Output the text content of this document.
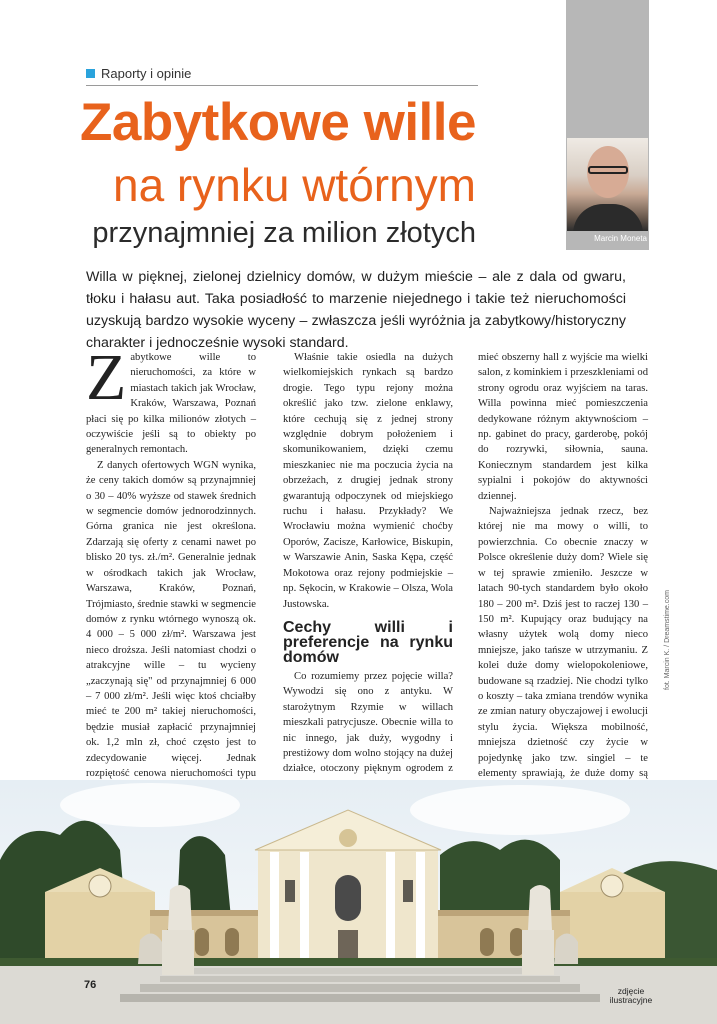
Raporty i opinie
Zabytkowe wille
na rynku wtórnym
przynajmniej za milion złotych	Marcin Moneta
Willa w pięknej, zielonej dzielnicy domów, w dużym mieście – ale z dala od gwaru, tłoku i hałasu aut. Taka posiadłość to marzenie niejednego i takie też nieruchomości uzyskują bardzo wysokie wyceny – zwłaszcza jeśli wyróżnia ja zabytkowy/historyczny charakter i jednocześnie wysoki standard.

Zabytkowe wille to nieruchomości, za które w miastach takich jak Wrocław, Kraków, Warszawa, Poznań płaci się po kilka milionów złotych – oczywiście jeśli są to obiekty po generalnych remontach.

Z danych ofertowych WGN wynika, że ceny takich domów są przynajmniej o 30 – 40% wyższe od stawek średnich w segmencie domów jednorodzinnych. Górna granica nie jest określona. Zdarzają się oferty z cenami nawet po blisko 20 tys. zł./m². Generalnie jednak w ośrodkach takich jak Wrocław, Warszawa, Kraków, Poznań, Trójmiasto, średnie stawki w segmencie domów z rynku wtórnego wynoszą ok. 4 000 – 5 000 zł/m². Warszawa jest nieco droższa. Jeśli natomiast chodzi o atrakcyjne wille – tu wycieny „zaczynają się" od przynajmniej 6 000 – 7 000 zł/m². Jeśli więc ktoś chciałby mieć te 200 m² takiej nieruchomości, będzie musiał zapłacić przynajmniej ok. 1,2 mln zł, choć często jest to zdecydowanie więcej. Jednak rozpiętość cenowa nieruchomości typu

Właśnie takie osiedla na dużych wielkomiejskich rynkach są bardzo drogie. Tego typu rejony można określić jako tzw. zielone enklawy, które cechują się z jednej strony względnie dobrym położeniem i skomunikowaniem, dzięki czemu mieszkaniec nie ma poczucia życia na obrzeżach, z drugiej jednak strony gwarantują odpoczynek od miejskiego ruchu i hałasu. Przykłady? We Wrocławiu można wymienić choćby Oporów, Zacisze, Karłowice, Biskupin, w Warszawie Anin, Saska Kępa, część Mokotowa oraz rejony podmiejskie – np. Sękocin, w Krakowie – Olsza, Wola Justowska.

Cechy willi i preferencje na rynku domów

Co rozumiemy przez pojęcie willa? Wywodzi się ono z antyku. W starożytnym Rzymie w willach mieszkali patrycjusze. Obecnie willa to nic innego, jak duży, wygodny i prestiżowy dom wolno stojący na dużej działce, otoczony pięknym ogrodem z

mieć obszerny hall z wyjście ma wielki salon, z kominkiem i przeszkleniami od strony ogrodu oraz wyjściem na taras. Willa powinna mieć pomieszczenia dedykowane różnym aktywnościom – np. gabinet do pracy, garderobę, pokój do rozrywki, siłownia, sauna. Koniecznym standardem jest kilka sypialni i pokojów do aktywności dziennej.

Najważniejsza jednak rzecz, bez której nie ma mowy o willi, to powierzchnia. Co obecnie znaczy w Polsce określenie duży dom? Wiele się w tej sprawie zmieniło. Jeszcze w latach 90-tych standardem było około 180 – 200 m². Dziś jest to raczej 130 – 150 m². Kupujący oraz budujący na własny użytek wolą domy nieco mniejsze, jako tańsze w utrzymaniu. Z kolei duże domy wielopokoleniowe, budowane są rzadziej. Nie chodzi tylko o koszty – taka zmiana trendów wynika ze zmian natury obyczajowej i ewolucji stylu życia. Większa mobilność, mniejsza dzietność czy życie w pojedynkę jako tzw. singiel – te elementy sprawiają, że duże domy są

fot. Marcin K. / Dreamstime.com
76	zdjęcie ilustracyjne
